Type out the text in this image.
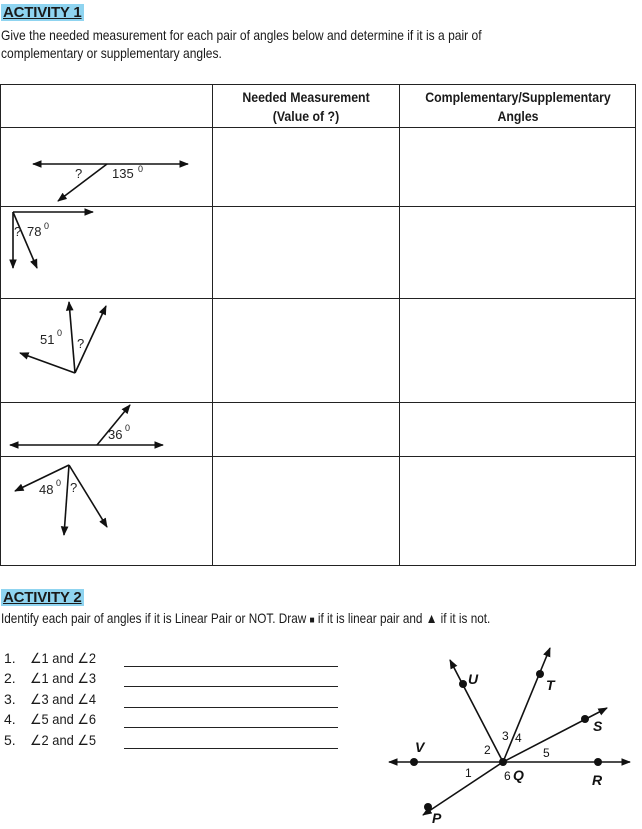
ACTIVITY 1
Give the needed measurement for each pair of angles below and determine if it is a pair of
complementary or supplementary angles.
Needed Measurement
(Value of ?)
Complementary/Supplementary
Angles
? 135 0
? 78 0
51 0
?
36 0
48 0 ?
ACTIVITY 2
Identify each pair of angles if it is Linear Pair or NOT. Draw ■ if it is linear pair and ▲ if it is not.
1. ∠1 and ∠2
2. ∠1 and ∠3
3. ∠3 and ∠4
4. ∠5 and ∠6
5. ∠2 and ∠5
U	T
S
V
Q	R
P
1
2
3 4
5
6
